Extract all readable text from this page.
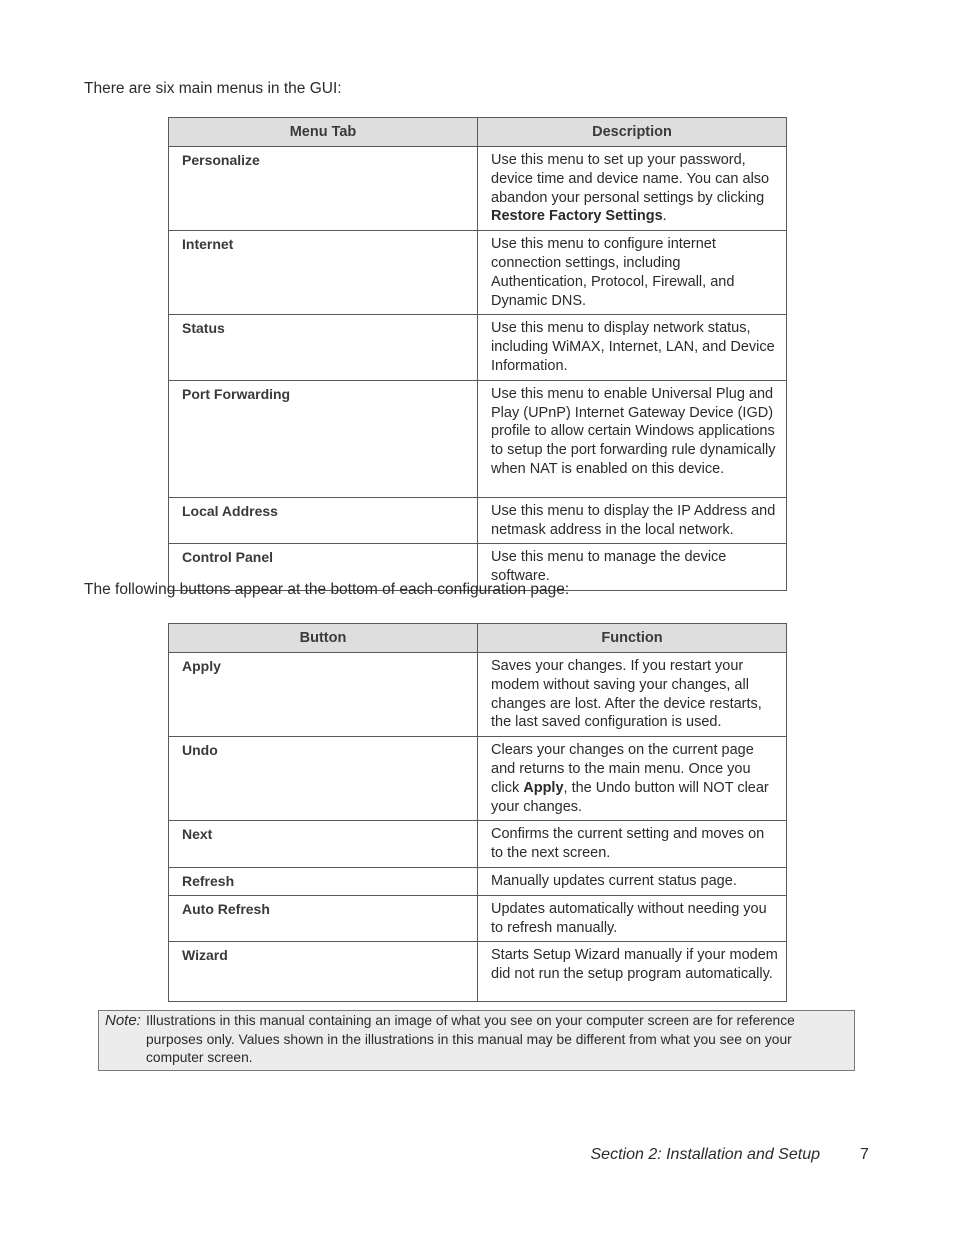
There are six main menus in the GUI:

Menu Tab	Description
Personalize	Use this menu to set up your password, device time and device name. You can also abandon your personal settings by clicking Restore Factory Settings.
Internet	Use this menu to configure internet connection settings, including Authentication, Protocol, Firewall, and Dynamic DNS.
Status	Use this menu to display network status, including WiMAX, Internet, LAN, and Device Information.
Port Forwarding	Use this menu to enable Universal Plug and Play (UPnP) Internet Gateway Device (IGD) profile to allow certain Windows applications to setup the port forwarding rule dynamically when NAT is enabled on this device.
Local Address	Use this menu to display the IP Address and netmask address in the local network.
Control Panel	Use this menu to manage the device software.

The following buttons appear at the bottom of each configuration page:

Button	Function
Apply	Saves your changes. If you restart your modem without saving your changes, all changes are lost. After the device restarts, the last saved configuration is used.
Undo	Clears your changes on the current page and returns to the main menu. Once you click Apply, the Undo button will NOT clear your changes.
Next	Confirms the current setting and moves on to the next screen.
Refresh	Manually updates current status page.
Auto Refresh	Updates automatically without needing you to refresh manually.
Wizard	Starts Setup Wizard manually if your modem did not run the setup program automatically.
Note: Illustrations in this manual containing an image of what you see on your computer screen are for reference purposes only. Values shown in the illustrations in this manual may be different from what you see on your computer screen.
Section 2: Installation and Setup	7
